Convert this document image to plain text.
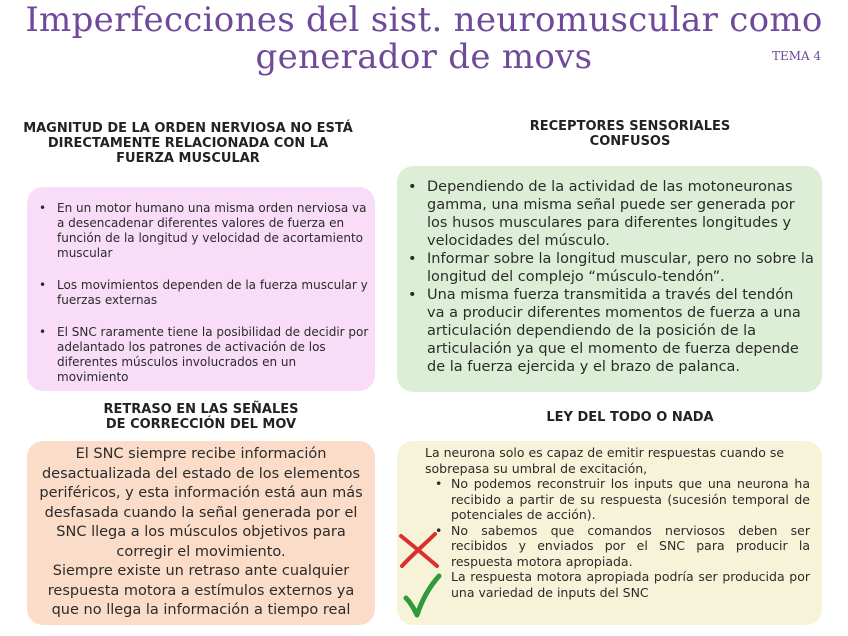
Imperfecciones del sist. neuromuscular como
generador de movs	TEMA 4
MAGNITUD DE LA ORDEN NERVIOSA NO ESTÁ
DIRECTAMENTE RELACIONADA CON LA
FUERZA MUSCULAR
• En un motor humano una misma orden nerviosa va a desencadenar diferentes valores de fuerza en función de la longitud y velocidad de acortamiento muscular
• Los movimientos dependen de la fuerza muscular y fuerzas externas
• El SNC raramente tiene la posibilidad de decidir por adelantado los patrones de activación de los diferentes músculos involucrados en un movimiento
RECEPTORES SENSORIALES
CONFUSOS
• Dependiendo de la actividad de las motoneuronas gamma, una misma señal puede ser generada por los husos musculares para diferentes longitudes y velocidades del músculo.
• Informar sobre la longitud muscular, pero no sobre la longitud del complejo “músculo-tendón”.
• Una misma fuerza transmitida a través del tendón va a producir diferentes momentos de fuerza a una articulación dependiendo de la posición de la articulación ya que el momento de fuerza depende de la fuerza ejercida y el brazo de palanca.
RETRASO EN LAS SEÑALES
DE CORRECCIÓN DEL MOV

El SNC siempre recibe información
desactualizada del estado de los elementos
periféricos, y esta información está aun más
desfasada cuando la señal generada por el
SNC llega a los músculos objetivos para
corregir el movimiento.

Siempre existe un retraso ante cualquier
respuesta motora a estímulos externos ya
que no llega la información a tiempo real

LEY DEL TODO O NADA

La neurona solo es capaz de emitir respuestas cuando se sobrepasa su umbral de excitación,

• No podemos reconstruir los inputs que una neurona ha recibido a partir de su respuesta (sucesión temporal de potenciales de acción).
• No sabemos que comandos nerviosos deben ser recibidos y enviados por el SNC para producir la respuesta motora apropiada.
• La respuesta motora apropiada podría ser producida por una variedad de inputs del SNC
